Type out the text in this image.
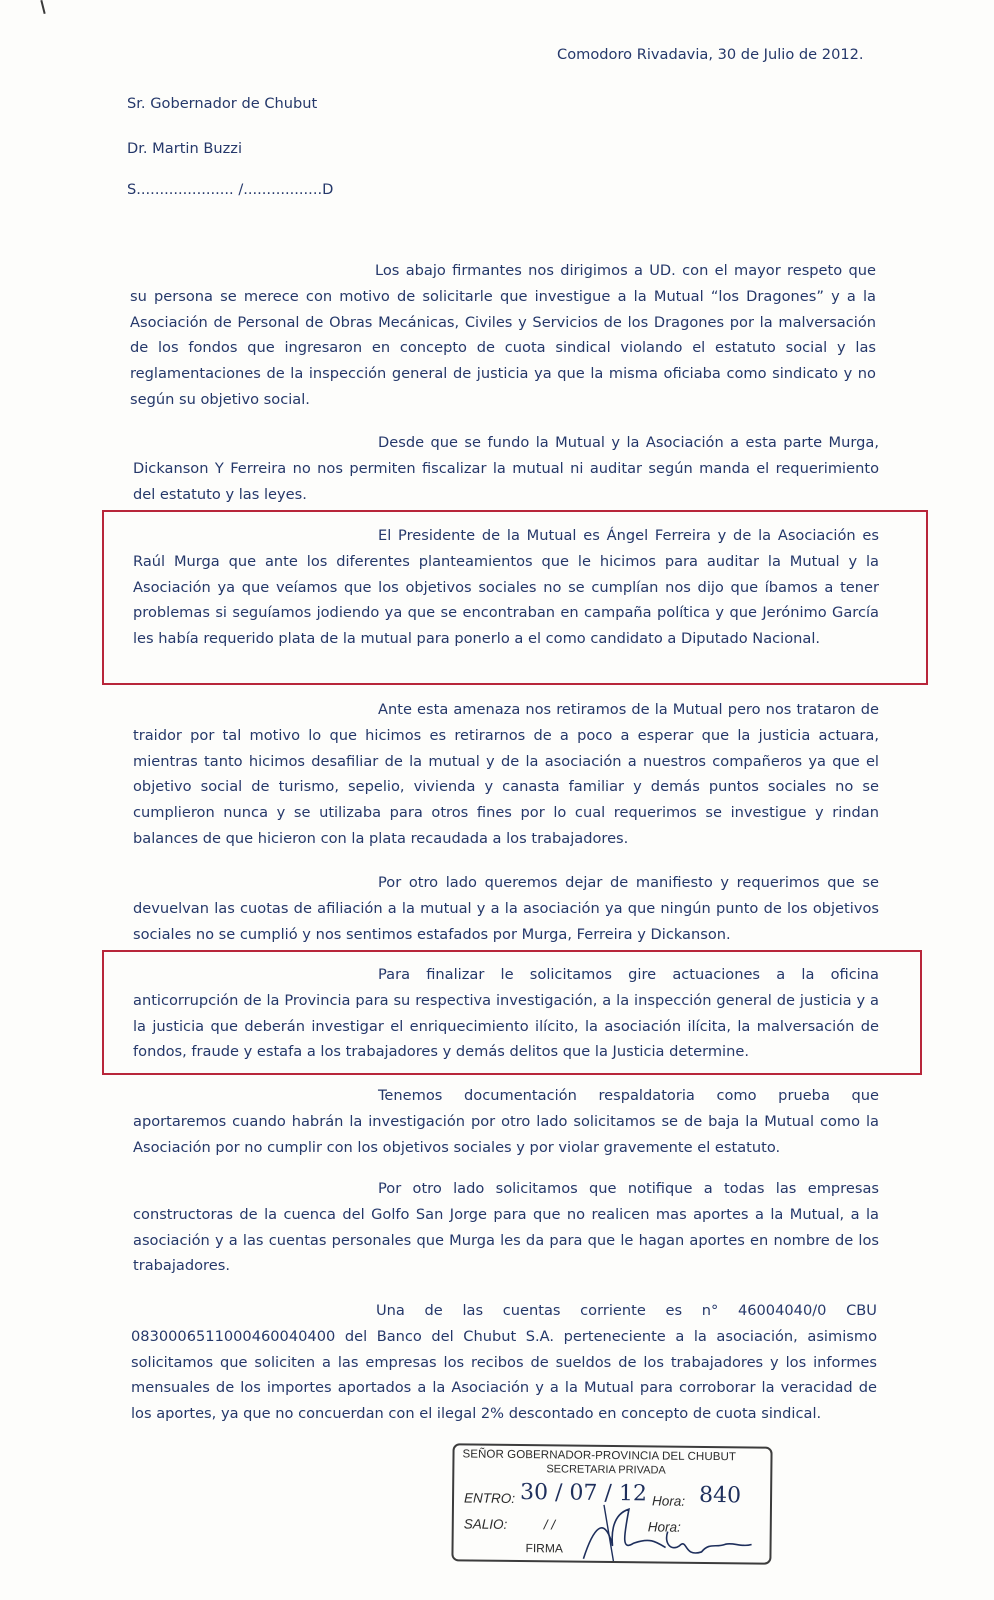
Comodoro Rivadavia, 30 de Julio de 2012.
Sr. Gobernador de Chubut
Dr. Martin Buzzi
S..................... /.................D

Los abajo firmantes nos dirigimos a UD. con el mayor respeto que su persona se merece con motivo de solicitarle que investigue a la Mutual “los Dragones” y a la Asociación de Personal de Obras Mecánicas, Civiles y Servicios de los Dragones por la malversación de los fondos que ingresaron en concepto de cuota sindical violando el estatuto social y las reglamentaciones de la inspección general de justicia ya que la misma oficiaba como sindicato y no según su objetivo social.

Desde que se fundo la Mutual y la Asociación a esta parte Murga, Dickanson Y Ferreira no nos permiten fiscalizar la mutual ni auditar según manda el requerimiento del estatuto y las leyes.

El Presidente de la Mutual es Ángel Ferreira y de la Asociación es Raúl Murga que ante los diferentes planteamientos que le hicimos para auditar la Mutual y la Asociación ya que veíamos que los objetivos sociales no se cumplían nos dijo que íbamos a tener problemas si seguíamos jodiendo ya que se encontraban en campaña política y que Jerónimo García les había requerido plata de la mutual para ponerlo a el como candidato a Diputado Nacional.

Ante esta amenaza nos retiramos de la Mutual pero nos trataron de traidor por tal motivo lo que hicimos es retirarnos de a poco a esperar que la justicia actuara, mientras tanto hicimos desafiliar de la mutual y de la asociación a nuestros compañeros ya que el objetivo social de turismo, sepelio, vivienda y canasta familiar y demás puntos sociales no se cumplieron nunca y se utilizaba para otros fines por lo cual requerimos se investigue y rindan balances de que hicieron con la plata recaudada a los trabajadores.

Por otro lado queremos dejar de manifiesto y requerimos que se devuelvan las cuotas de afiliación a la mutual y a la asociación ya que ningún punto de los objetivos sociales no se cumplió y nos sentimos estafados por Murga, Ferreira y Dickanson.

Para finalizar le solicitamos gire actuaciones a la oficina anticorrupción de la Provincia para su respectiva investigación, a la inspección general de justicia y a la justicia que deberán investigar el enriquecimiento ilícito, la asociación ilícita, la malversación de fondos, fraude y estafa a los trabajadores y demás delitos que la Justicia determine.

Tenemos documentación respaldatoria como prueba que aportaremos cuando habrán la investigación por otro lado solicitamos se de baja la Mutual como la Asociación por no cumplir con los objetivos sociales y por violar gravemente el estatuto.

Por otro lado solicitamos que notifique a todas las empresas constructoras de la cuenca del Golfo San Jorge para que no realicen mas aportes a la Mutual, a la asociación y a las cuentas personales que Murga les da para que le hagan aportes en nombre de los trabajadores.

Una de las cuentas corriente es n° 46004040/0 CBU 0830006511000460040400 del Banco del Chubut S.A. perteneciente a la asociación, asimismo solicitamos que soliciten a las empresas los recibos de sueldos de los trabajadores y los informes mensuales de los importes aportados a la Asociación y a la Mutual para corroborar la veracidad de los aportes, ya que no concuerdan con el ilegal 2% descontado en concepto de cuota sindical.

SEÑOR GOBERNADOR-PROVINCIA DEL CHUBUT
SECRETARIA PRIVADA
ENTRO: 30 / 07 / 12 Hora: 840
SALIO:	/ /	Hora:
FIRMA
